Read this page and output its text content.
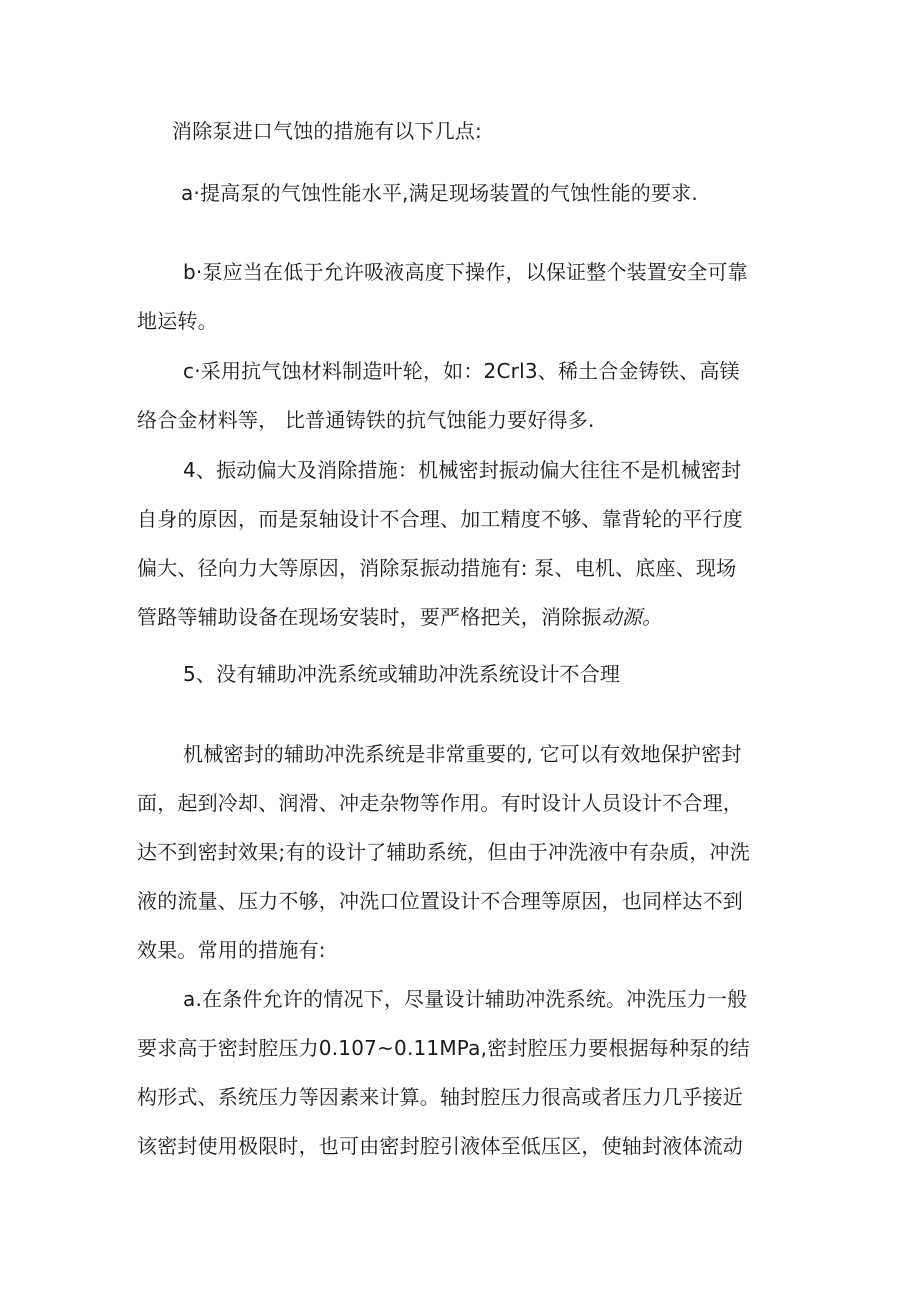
消除泵进口气蚀的措施有以下几点:
a·提高泵的气蚀性能水平,满足现场装置的气蚀性能的要求.
b·泵应当在低于允许吸液高度下操作，以保证整个装置安全可靠
地运转。
c·采用抗气蚀材料制造叶轮，如：2Crl3、稀土合金铸铁、高镁
络合金材料等， 比普通铸铁的抗气蚀能力要好得多.
4、振动偏大及消除措施：机械密封振动偏大往往不是机械密封
自身的原因，而是泵轴设计不合理、加工精度不够、靠背轮的平行度
偏大、径向力大等原因，消除泵振动措施有: 泵、电机、底座、现场
管路等辅助设备在现场安装时，要严格把关，消除振动源。
5、没有辅助冲洗系统或辅助冲洗系统设计不合理
机械密封的辅助冲洗系统是非常重要的, 它可以有效地保护密封
面，起到冷却、润滑、冲走杂物等作用。有时设计人员设计不合理，
达不到密封效果;有的设计了辅助系统，但由于冲洗液中有杂质，冲洗
液的流量、压力不够，冲洗口位置设计不合理等原因，也同样达不到
效果。常用的措施有:
a.在条件允许的情况下，尽量设计辅助冲洗系统。冲洗压力一般
要求高于密封腔压力0.107~0.11MPa,密封腔压力要根据每种泵的结
构形式、系统压力等因素来计算。轴封腔压力很高或者压力几乎接近
该密封使用极限时，也可由密封腔引液体至低压区，使轴封液体流动
